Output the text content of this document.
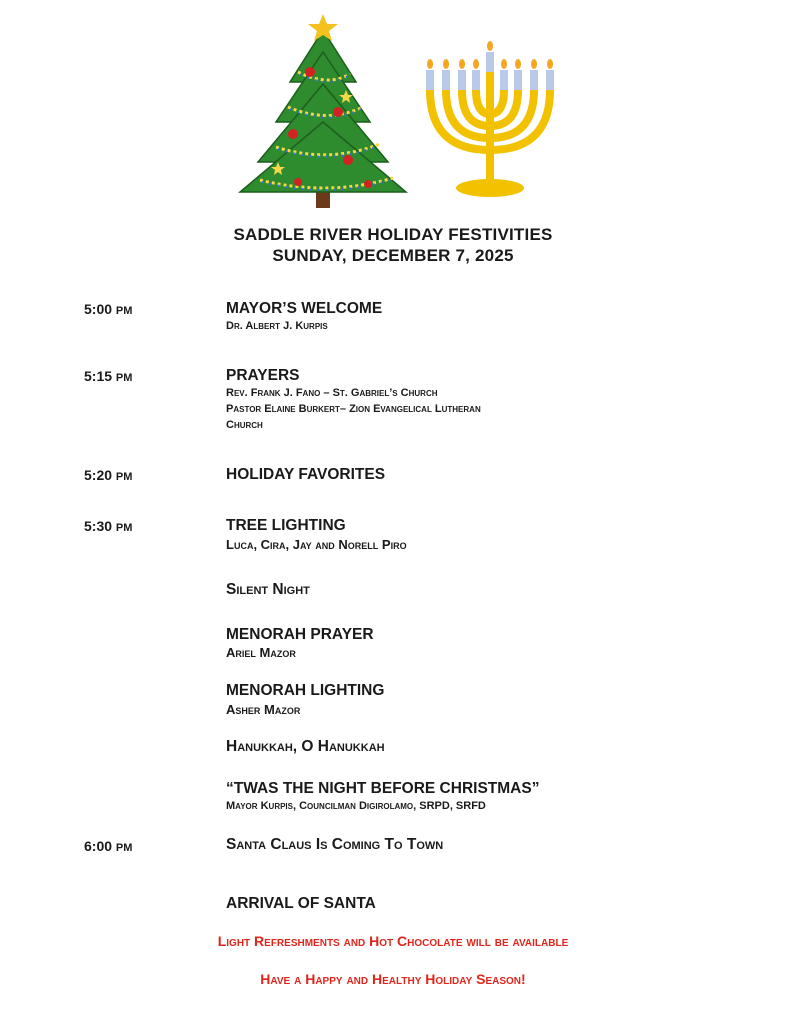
SADDLE RIVER HOLIDAY FESTIVITIES
SUNDAY, DECEMBER 7, 2025
5:00 PM	MAYOR’S WELCOME
Dr. Albert J. Kurpis
5:15 PM	PRAYERS
Rev. Frank J. Fano – St. Gabriel’s Church
Pastor Elaine Burkert– Zion Evangelical Lutheran
Church
5:20 PM	HOLIDAY FAVORITES
5:30 PM	TREE LIGHTING
Luca, Cira, Jay and Norell Piro
Silent Night
MENORAH PRAYER
Ariel Mazor
MENORAH LIGHTING
Asher Mazor
Hanukkah, O Hanukkah
“TWAS THE NIGHT BEFORE CHRISTMAS”
Mayor Kurpis, Councilman Digirolamo, SRPD, SRFD
6:00 PM	Santa Claus Is Coming To Town
ARRIVAL OF SANTA
Light Refreshments and Hot Chocolate will be available
Have a Happy and Healthy Holiday Season!
